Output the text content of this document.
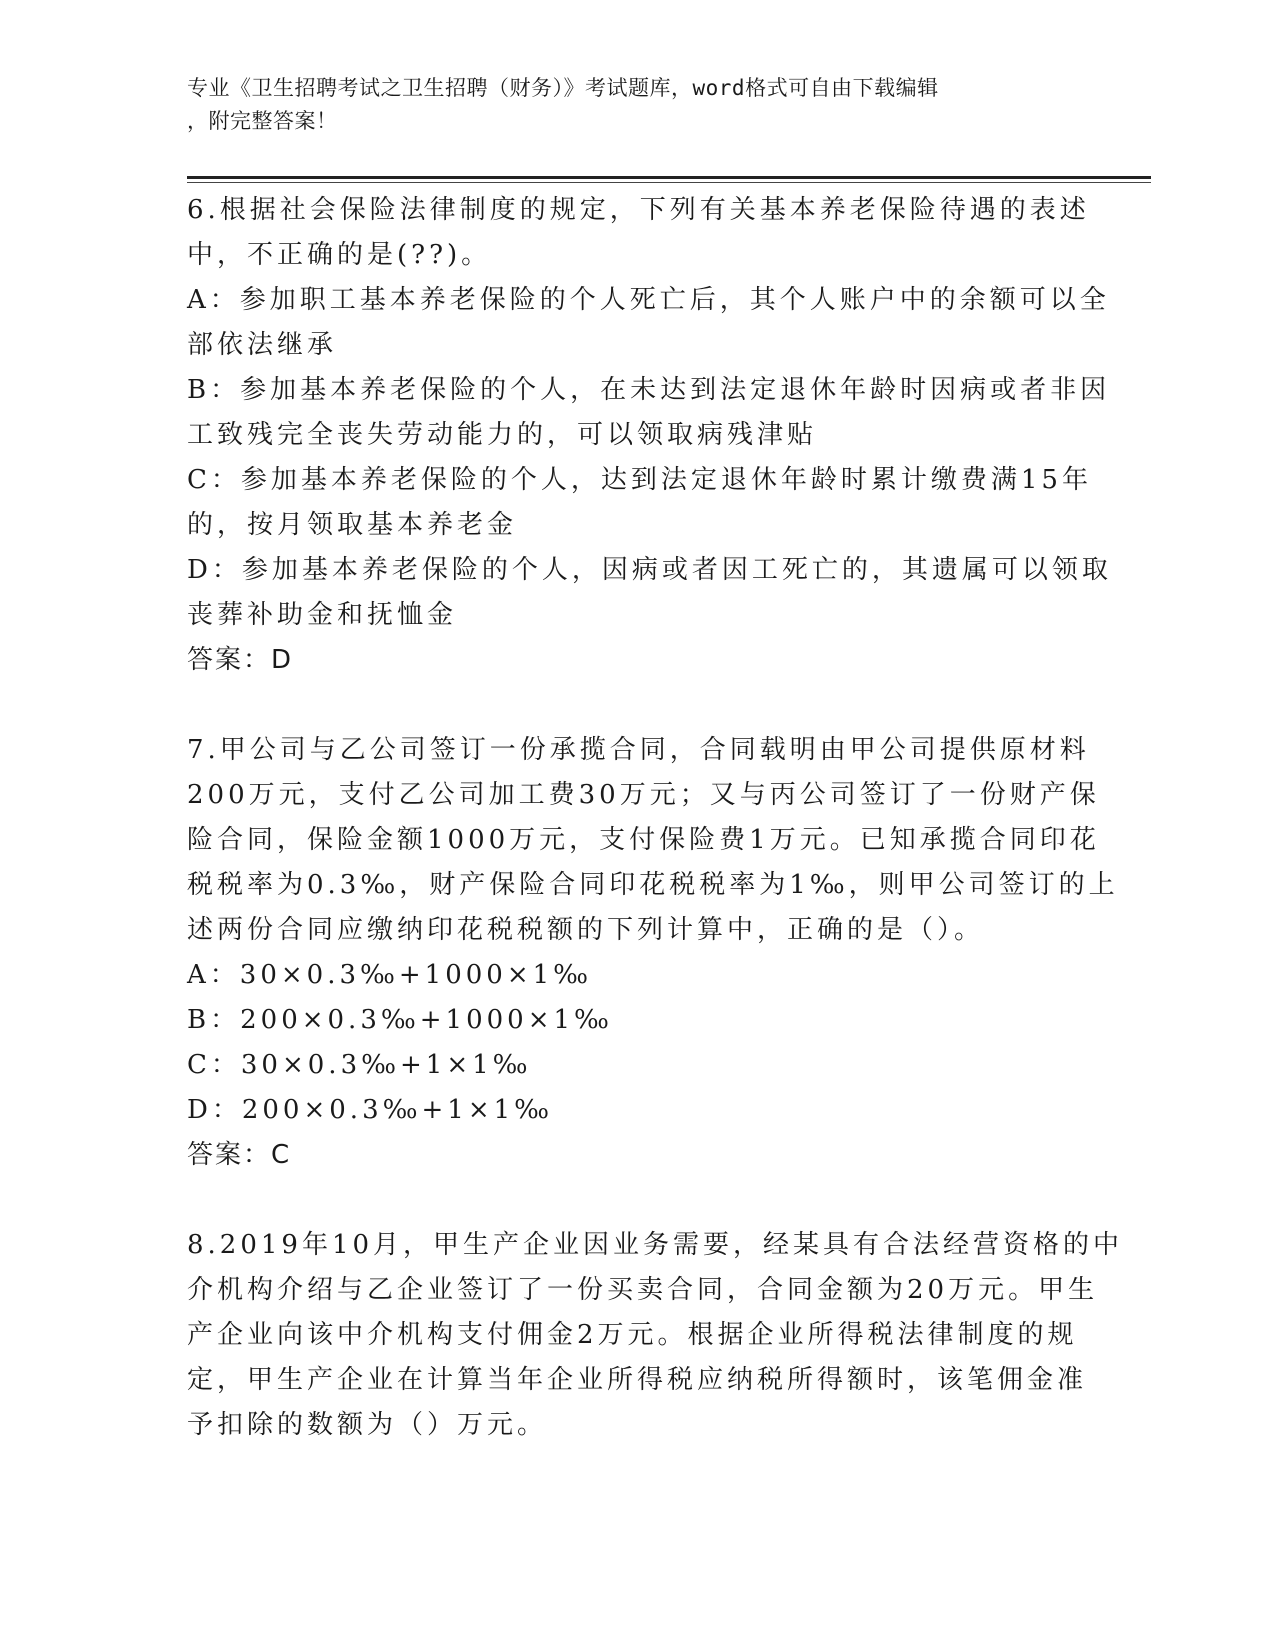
专业《卫生招聘考试之卫生招聘（财务）》考试题库，word格式可自由下载编辑
，附完整答案！
6.根据社会保险法律制度的规定，下列有关基本养老保险待遇的表述
中，不正确的是(??)。
A：参加职工基本养老保险的个人死亡后，其个人账户中的余额可以全
部依法继承
B：参加基本养老保险的个人，在未达到法定退休年龄时因病或者非因
工致残完全丧失劳动能力的，可以领取病残津贴
C：参加基本养老保险的个人，达到法定退休年龄时累计缴费满15年
的，按月领取基本养老金
D：参加基本养老保险的个人，因病或者因工死亡的，其遗属可以领取
丧葬补助金和抚恤金
答案：D
7.甲公司与乙公司签订一份承揽合同，合同载明由甲公司提供原材料
200万元，支付乙公司加工费30万元；又与丙公司签订了一份财产保
险合同，保险金额1000万元，支付保险费1万元。已知承揽合同印花
税税率为0.3‰，财产保险合同印花税税率为1‰，则甲公司签订的上
述两份合同应缴纳印花税税额的下列计算中，正确的是（）。
A：30×0.3‰+1000×1‰
B：200×0.3‰+1000×1‰
C：30×0.3‰+1×1‰
D：200×0.3‰+1×1‰
答案：C
8.2019年10月，甲生产企业因业务需要，经某具有合法经营资格的中
介机构介绍与乙企业签订了一份买卖合同，合同金额为20万元。甲生
产企业向该中介机构支付佣金2万元。根据企业所得税法律制度的规
定，甲生产企业在计算当年企业所得税应纳税所得额时，该笔佣金准
予扣除的数额为（）万元。
